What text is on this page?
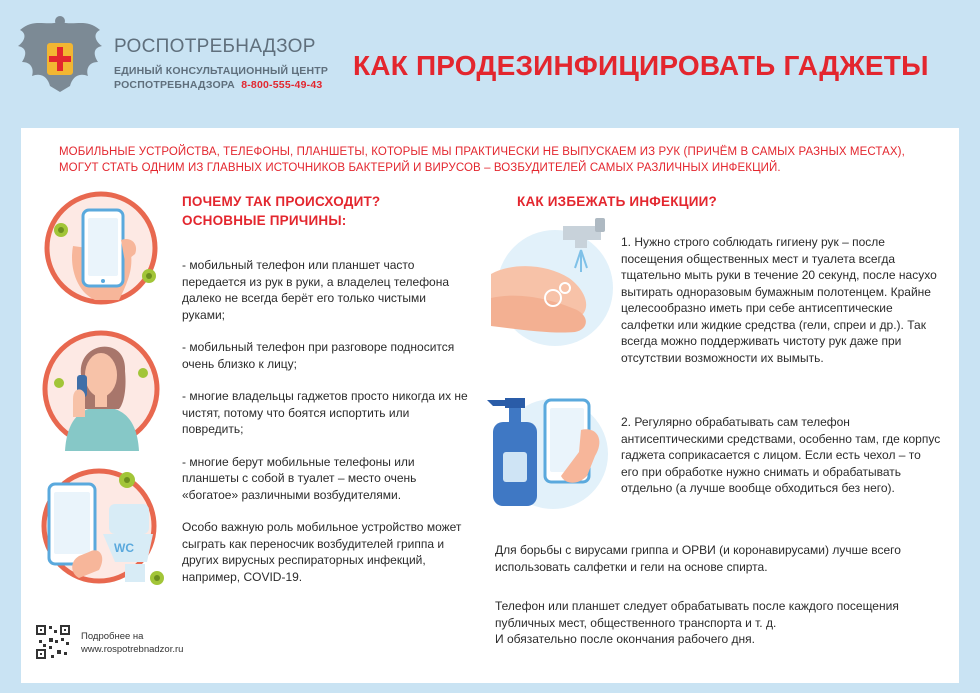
РОСПОТРЕБНАДЗОР
ЕДИНЫЙ КОНСУЛЬТАЦИОННЫЙ ЦЕНТР
РОСПОТРЕБНАДЗОРА 8-800-555-49-43
КАК ПРОДЕЗИНФИЦИРОВАТЬ ГАДЖЕТЫ
МОБИЛЬНЫЕ УСТРОЙСТВА, ТЕЛЕФОНЫ, ПЛАНШЕТЫ, КОТОРЫЕ МЫ ПРАКТИЧЕСКИ НЕ ВЫПУСКАЕМ ИЗ РУК (ПРИЧЁМ В САМЫХ РАЗНЫХ МЕСТАХ), МОГУТ СТАТЬ ОДНИМ ИЗ ГЛАВНЫХ ИСТОЧНИКОВ БАКТЕРИЙ И ВИРУСОВ – ВОЗБУДИТЕЛЕЙ САМЫХ РАЗЛИЧНЫХ ИНФЕКЦИЙ.
WC
ПОЧЕМУ ТАК ПРОИСХОДИТ?
ОСНОВНЫЕ ПРИЧИНЫ:

- мобильный телефон или планшет часто передается из рук в руки, а владелец телефона далеко не всегда берёт его только чистыми руками;

- мобильный телефон при разговоре подносится очень близко к лицу;

- многие владельцы гаджетов просто никогда их не чистят, потому что боятся испортить или повредить;

- многие берут мобильные телефоны или планшеты с собой в туалет – место очень «богатое» различными возбудителями.

Особо важную роль мобильное устройство может сыграть как переносчик возбудителей гриппа и других вирусных респираторных инфекций, например, COVID-19.

КАК ИЗБЕЖАТЬ ИНФЕКЦИИ?
1. Нужно строго соблюдать гигиену рук – после посещения общественных мест и туалета всегда тщательно мыть руки в течение 20 секунд, после насухо вытирать одноразовым бумажным полотенцем. Крайне целесообразно иметь при себе антисептические салфетки или жидкие средства (гели, спреи и др.). Так всегда можно поддерживать чистоту рук даже при отсутствии возможности их вымыть.
2. Регулярно обрабатывать сам телефон антисептическими средствами, особенно там, где корпус гаджета соприкасается с лицом. Если есть чехол – то его при обработке нужно снимать и обрабатывать отдельно (а лучше вообще обходиться без него).
Для борьбы с вирусами гриппа и ОРВИ (и коронавирусами) лучше всего использовать салфетки и гели на основе спирта.
Телефон или планшет следует обрабатывать после каждого посещения публичных мест, общественного транспорта и т. д.
И обязательно после окончания рабочего дня.
Подробнее на
www.rospotrebnadzor.ru
